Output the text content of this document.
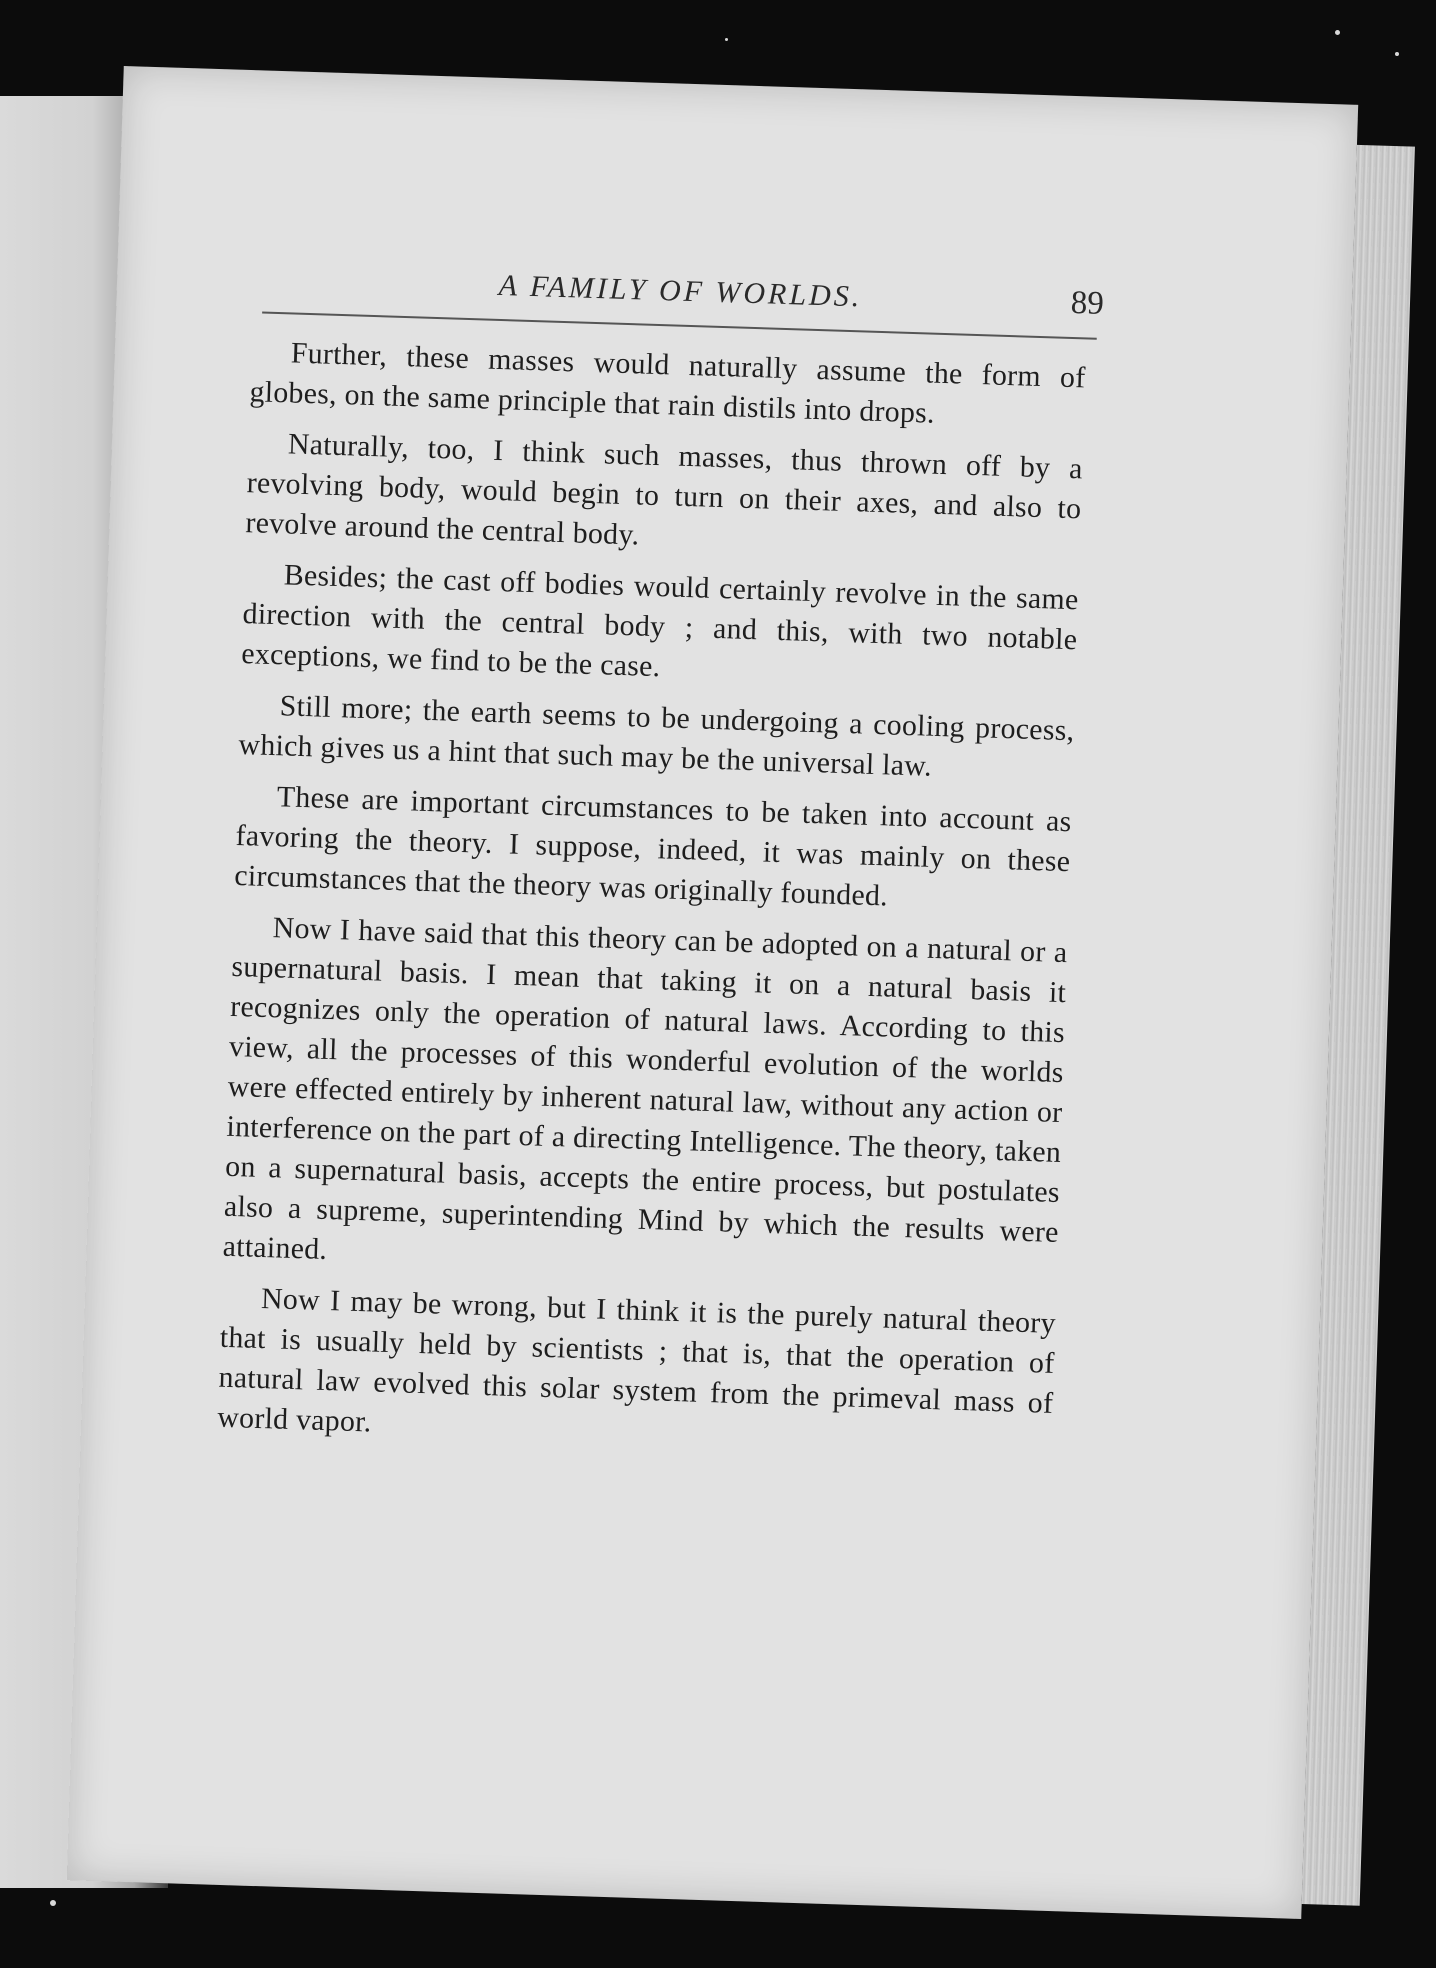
A FAMILY OF WORLDS.	89

Further, these masses would naturally assume the form of globes, on the same principle that rain distils into drops.

Naturally, too, I think such masses, thus thrown off by a revolving body, would begin to turn on their axes, and also to revolve around the central body.

Besides; the cast off bodies would certainly revolve in the same direction with the central body ; and this, with two notable exceptions, we find to be the case.

Still more; the earth seems to be undergoing a cooling process, which gives us a hint that such may be the universal law.

These are important circumstances to be taken into account as favoring the theory. I suppose, indeed, it was mainly on these circumstances that the theory was originally founded.

Now I have said that this theory can be adopted on a natural or a supernatural basis. I mean that taking it on a natural basis it recognizes only the operation of natural laws. According to this view, all the processes of this wonderful evolution of the worlds were effected entirely by inherent natural law, without any action or interference on the part of a directing Intelligence. The theory, taken on a supernatural basis, accepts the entire process, but postulates also a supreme, superintending Mind by which the results were attained.

Now I may be wrong, but I think it is the purely natural theory that is usually held by scientists ; that is, that the operation of natural law evolved this solar system from the primeval mass of world vapor.
